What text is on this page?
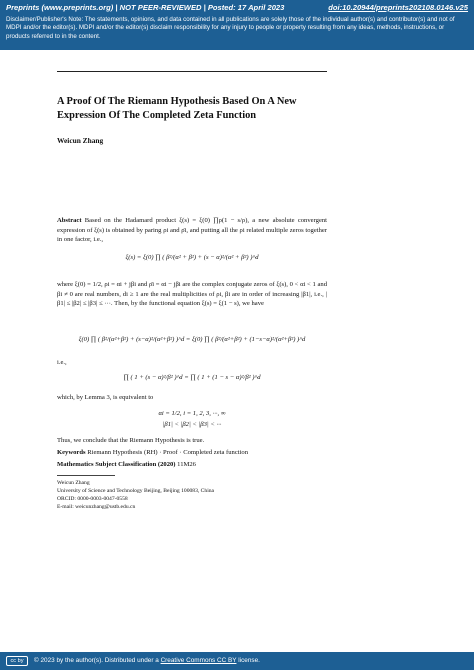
Preprints (www.preprints.org) | NOT PEER-REVIEWED | Posted: 17 April 2023	doi:10.20944/preprints202108.0146.v25
Disclaimer/Publisher's Note: The statements, opinions, and data contained in all publications are solely those of the individual author(s) and contributor(s) and not of MDPI and/or the editor(s). MDPI and/or the editor(s) disclaim responsibility for any injury to people or property resulting from any ideas, methods, instructions, or products referred to in the content.
A Proof Of The Riemann Hypothesis Based On A New Expression Of The Completed Zeta Function
Weicun Zhang
Abstract Based on the Hadamard product ξ(s) = ξ(0) ∏ρ(1 − s/ρ), a new absolute convergent expression of ξ(s) is obtained by paring ρi and ρ̄i, and putting all the ρi related multiple zeros together in one factor, i.e.,
ξ(s) = ξ(0) ∏ ( β²/(α² + β²) + (s − α)²/(α² + β²) )^d
where ξ(0) = 1/2, ρi = αi + jβi and ρ̄i = αi − jβi are the complex conjugate zeros of ξ(s), 0 < αi < 1 and βi ≠ 0 are real numbers, di ≥ 1 are the real multiplicities of ρi, βi are in order of increasing |β1|, i.e., |β1| ≤ |β2| ≤ |β3| ≤ ···. Then, by the functional equation ξ(s) = ξ(1 − s), we have
ξ(0) ∏ ( β²/(α²+β²) + (s−α)²/(α²+β²) )^d = ξ(0) ∏ ( β²/(α²+β²) + (1−s−α)²/(α²+β²) )^d
i.e.,
∏ ( 1 + (s − α)²/β² )^d = ∏ ( 1 + (1 − s − α)²/β² )^d
which, by Lemma 3, is equivalent to
αi = 1/2, i = 1, 2, 3, ···, ∞
|β1| < |β2| < |β3| < ···
Thus, we conclude that the Riemann Hypothesis is true.
Keywords Riemann Hypothesis (RH) · Proof · Completed zeta function
Mathematics Subject Classification (2020) 11M26
Weicun Zhang
University of Science and Technology Beijing, Beijing 100083, China
ORCID: 0000-0003-0047-0558
E-mail: weicunzhang@ustb.edu.cn
cc by	© 2023 by the author(s). Distributed under a Creative Commons CC BY license.
